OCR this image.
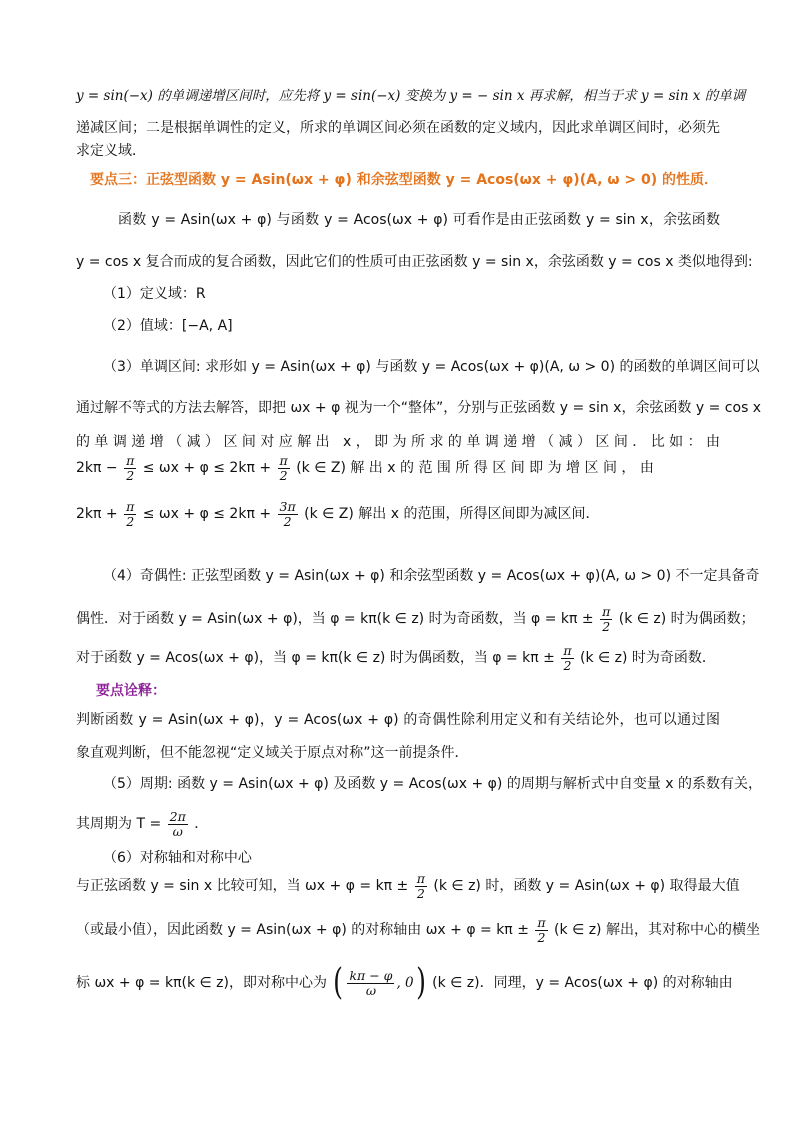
y = sin(−x) 的单调递增区间时，应先将 y = sin(−x) 变换为 y = − sin x 再求解，相当于求 y = sin x 的单调
递减区间；二是根据单调性的定义，所求的单调区间必须在函数的定义域内，因此求单调区间时，必须先
求定义域．
要点三：正弦型函数 y = Asin(ωx + φ) 和余弦型函数 y = Acos(ωx + φ)(A, ω > 0) 的性质．
函数 y = Asin(ωx + φ) 与函数 y = Acos(ωx + φ) 可看作是由正弦函数 y = sin x，余弦函数
y = cos x 复合而成的复合函数，因此它们的性质可由正弦函数 y = sin x，余弦函数 y = cos x 类似地得到:
（1）定义域：R
（2）值域：[−A, A]
（3）单调区间: 求形如 y = Asin(ωx + φ) 与函数 y = Acos(ωx + φ)(A, ω > 0) 的函数的单调区间可以
通过解不等式的方法去解答，即把 ωx + φ 视为一个“整体”，分别与正弦函数 y = sin x，余弦函数 y = cos x
的单调递增（减）区间对应解出 x，即为所求的单调递增（减）区间．比如：由
$2k\pi - \frac{\pi}{2} \le \omega x + \varphi \le 2k\pi + \frac{\pi}{2} (k$ ∈ Z) 解 出 x 的 范 围 所 得 区 间 即 为 增 区 间 ， 由
$2k\pi + \frac{\pi}{2} \le \omega x + \varphi \le 2k\pi + \frac{3\pi}{2} (k$ ∈ Z) 解出 x 的范围，所得区间即为减区间．
（4）奇偶性: 正弦型函数 y = Asin(ωx + φ) 和余弦型函数 y = Acos(ωx + φ)(A, ω > 0) 不一定具备奇
偶性．对于函数 y = Asin(ωx + φ)，当 φ = kπ(k ∈ z) 时为奇函数，当 $\varphi = k\pi \pm \frac{\pi}{2} (k$ ∈ z) 时为偶函数；
对于函数 y = Acos(ωx + φ)，当 φ = kπ(k ∈ z) 时为偶函数，当 $\varphi = k\pi \pm \frac{\pi}{2} (k$ ∈ z) 时为奇函数．
要点诠释：
判断函数 y = Asin(ωx + φ)，y = Acos(ωx + φ) 的奇偶性除利用定义和有关结论外，也可以通过图
象直观判断，但不能忽视“定义域关于原点对称”这一前提条件．
（5）周期: 函数 y = Asin(ωx + φ) 及函数 y = Acos(ωx + φ) 的周期与解析式中自变量 x 的系数有关，
其周期为 $T = \frac{2\pi}{\omega}$ ．
（6）对称轴和对称中心
与正弦函数 y = sin x 比较可知，当 $\omega x + \varphi = k\pi \pm \frac{\pi}{2} (k$ ∈ z) 时，函数 y = Asin(ωx + φ) 取得最大值
（或最小值），因此函数 y = Asin(ωx + φ) 的对称轴由 $\omega x + \varphi = k\pi \pm \frac{\pi}{2} (k$ ∈ z) 解出，其对称中心的横坐
标 ωx + φ = kπ(k ∈ z)，即对称中心为 ( $\frac{k\pi - \varphi}{\omega}$ , 0) (k ∈ z)．同理，y = Acos(ωx + φ) 的对称轴由
